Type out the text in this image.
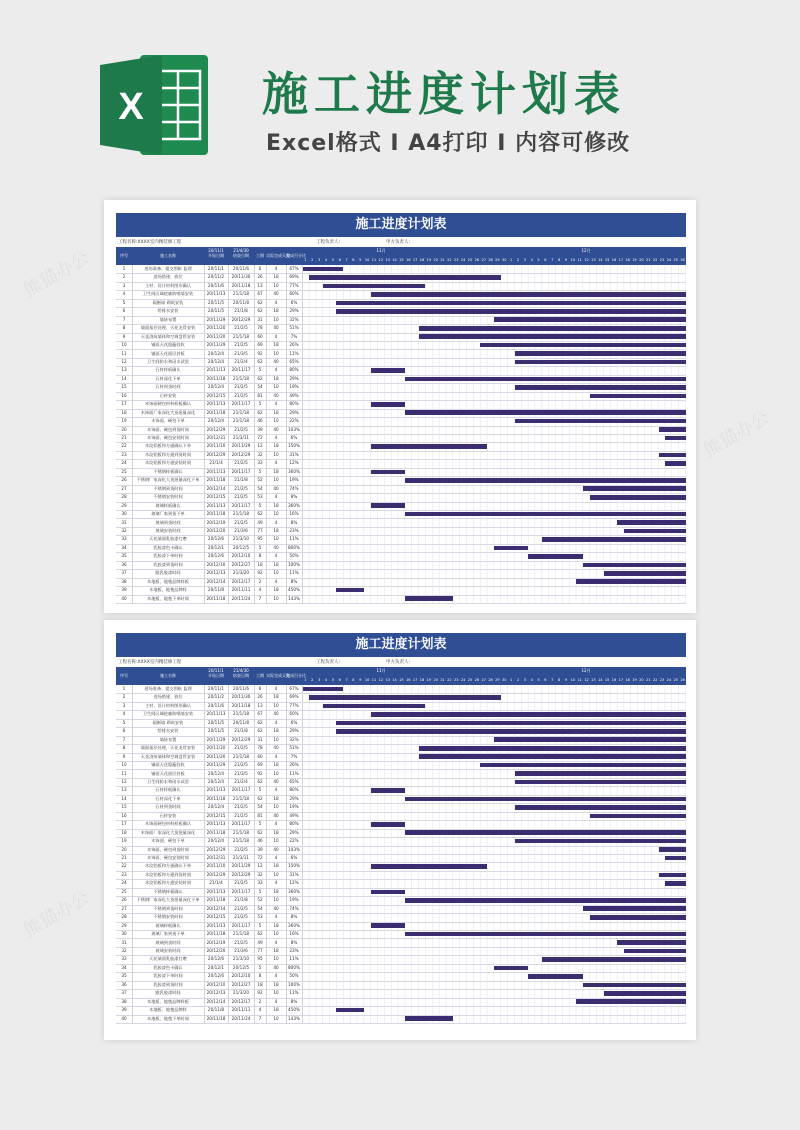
熊猫办公
熊猫办公
熊猫办公
X	施工进度计划表
Excel格式 I A4打印 I 内容可修改
施工进度计划表
工程名称:XXXX室内精装修工程	工程负责人:	甲方负责人:
序号	施工名称	开始日期	结束日期	工期 实际完成天数
完成百分比
20/11/1	21/4/30	11月	12月
1	2	3	4	5	6	7	8	9	10 11 12 13 14 15 16 17 18 19 20 21 22 23 24 25 26 27 28 29 30	1	2	3	4	5	6	7	8	9	10 11 12 13 14 15 16 17 18 19 20 21 22 23 24 25 26
1	进场准备、提交图纸 监理	20/11/1	20/11/6	6	4	67%
2	进场搭建、放位	20/11/2	20/11/30	26	18	69%
3	主材、设计材料图形确认	20/11/6	20/11/18	13	10	77%
4	卫生间区域轮廓防噪墙安装	20/11/13	21/1/18	67	40	60%
5	隔断墙 砌筑安装	20/11/5	20/11/8	62	4	6%
6	给排水安装	20/11/5	21/1/8	62	18	29%
7	墙砖布置	20/11/29	20/12/29	31	10	32%
8	墙面基层处理、天花龙骨安装	20/11/20	21/2/5	78	40	51%
9	天花浇筑墙体和空调盘管安装	20/11/20	21/1/18	60	4	7%
10	铺面天花隐蔽验收	20/11/29	21/2/5	69	18	26%
11	铺面天花面层封板	20/12/4	21/3/5	92	10	11%
12	卫生间防水和闭水试验	20/12/4	21/2/4	62	40	65%
13	石材样板确认	20/11/13	20/11/17	5	4	80%
14	石材深化下单	20/11/18	21/1/18	62	18	29%
15	石材到货时间	20/12/4	21/2/5	54	10	19%
16	石材安装	20/12/15	21/2/5	81	40	49%
17	木饰面硬包材料样板确认	20/11/13	20/11/17	5	4	80%
18	木饰面厂家深化大货批量深化	20/11/18	21/1/18	62	18	29%
19	木饰面、硬包下单	20/12/4	21/1/18	46	10	22%
20	木饰面、硬包到货时间	20/12/29	21/2/5	39	40	103%
21	木饰面、硬包安装时间	20/12/31	21/3/11	72	4	6%
22	木纹铝板和方通确认下单	20/11/10	20/11/29	12	18	150%
23	木纹铝板和方通到货时间	20/12/29	20/12/29	32	10	31%
24	木纹铝板和方通安装时间	21/1/4	21/2/5	33	4	12%
25	不锈钢样板确认	20/11/13	20/11/17	5	18	360%
26	不锈钢厂家深化大货批量深化下单	20/11/18	21/1/8	52	10	19%
27	不锈钢到货时间	20/12/14	21/2/5	54	40	74%
28	不锈钢安装时间	20/12/15	21/2/5	53	4	8%
29	玻璃样板确认	20/11/13	20/11/17	5	18	360%
30	玻璃厂家到货下单	20/11/18	21/1/18	62	10	16%
31	玻璃到货时间	20/12/19	21/2/5	49	4	8%
32	玻璃安装时间	20/12/20	21/3/6	77	18	23%
33	天花墙面乳胶漆打磨	20/12/6	21/3/10	95	10	11%
34	乳胶漆色卡确认	20/12/1	20/12/5	5	40	800%
35	乳胶漆下单时间	20/12/6	20/12/10	8	4	50%
36	乳胶漆到货时间	20/12/10	20/12/27	18	18	100%
37	跟乳胶漆时间	20/12/13	21/3/20	92	10	11%
38	木地板、地毯品牌样板	20/12/14	20/12/17	2	4	8%
39	木地板、地毯品牌样	20/11/8	20/11/11	4	18	450%
40	木地板、地毯下单时间	20/11/18	20/11/24	7	10	143%
施工进度计划表
工程名称:XXXX室内精装修工程	工程负责人:	甲方负责人:
序号	施工名称	开始日期	结束日期	工期 实际完成天数
完成百分比
20/11/1	21/4/30	11月	12月
1	2	3	4	5	6	7	8	9	10 11 12 13 14 15 16 17 18 19 20 21 22 23 24 25 26 27 28 29 30	1	2	3	4	5	6	7	8	9	10 11 12 13 14 15 16 17 18 19 20 21 22 23 24 25 26
1	进场准备、提交图纸 监理	20/11/1	20/11/6	6	4	67%
2	进场搭建、放位	20/11/2	20/11/30	26	18	69%
3	主材、设计材料图形确认	20/11/6	20/11/18	13	10	77%
4	卫生间区域轮廓防噪墙安装	20/11/13	21/1/18	67	40	60%
5	隔断墙 砌筑安装	20/11/5	20/11/8	62	4	6%
6	给排水安装	20/11/5	21/1/8	62	18	29%
7	墙砖布置	20/11/29	20/12/29	31	10	32%
8	墙面基层处理、天花龙骨安装	20/11/20	21/2/5	78	40	51%
9	天花浇筑墙体和空调盘管安装	20/11/20	21/1/18	60	4	7%
10	铺面天花隐蔽验收	20/11/29	21/2/5	69	18	26%
11	铺面天花面层封板	20/12/4	21/3/5	92	10	11%
12	卫生间防水和闭水试验	20/12/4	21/2/4	62	40	65%
13	石材样板确认	20/11/13	20/11/17	5	4	80%
14	石材深化下单	20/11/18	21/1/18	62	18	29%
15	石材到货时间	20/12/4	21/2/5	54	10	19%
16	石材安装	20/12/15	21/2/5	81	40	49%
17	木饰面硬包材料样板确认	20/11/13	20/11/17	5	4	80%
18	木饰面厂家深化大货批量深化	20/11/18	21/1/18	62	18	29%
19	木饰面、硬包下单	20/12/4	21/1/18	46	10	22%
20	木饰面、硬包到货时间	20/12/29	21/2/5	39	40	103%
21	木饰面、硬包安装时间	20/12/31	21/3/11	72	4	6%
22	木纹铝板和方通确认下单	20/11/10	20/11/29	12	18	150%
23	木纹铝板和方通到货时间	20/12/29	20/12/29	32	10	31%
24	木纹铝板和方通安装时间	21/1/4	21/2/5	33	4	12%
25	不锈钢样板确认	20/11/13	20/11/17	5	18	360%
26	不锈钢厂家深化大货批量深化下单	20/11/18	21/1/8	52	10	19%
27	不锈钢到货时间	20/12/14	21/2/5	54	40	74%
28	不锈钢安装时间	20/12/15	21/2/5	53	4	8%
29	玻璃样板确认	20/11/13	20/11/17	5	18	360%
30	玻璃厂家到货下单	20/11/18	21/1/18	62	10	16%
31	玻璃到货时间	20/12/19	21/2/5	49	4	8%
32	玻璃安装时间	20/12/20	21/3/6	77	18	23%
33	天花墙面乳胶漆打磨	20/12/6	21/3/10	95	10	11%
34	乳胶漆色卡确认	20/12/1	20/12/5	5	40	800%
35	乳胶漆下单时间	20/12/6	20/12/10	8	4	50%
36	乳胶漆到货时间	20/12/10	20/12/27	18	18	100%
37	跟乳胶漆时间	20/12/13	21/3/20	92	10	11%
38	木地板、地毯品牌样板	20/12/14	20/12/17	2	4	8%
39	木地板、地毯品牌样	20/11/8	20/11/11	4	18	450%
40	木地板、地毯下单时间	20/11/18	20/11/24	7	10	143%
